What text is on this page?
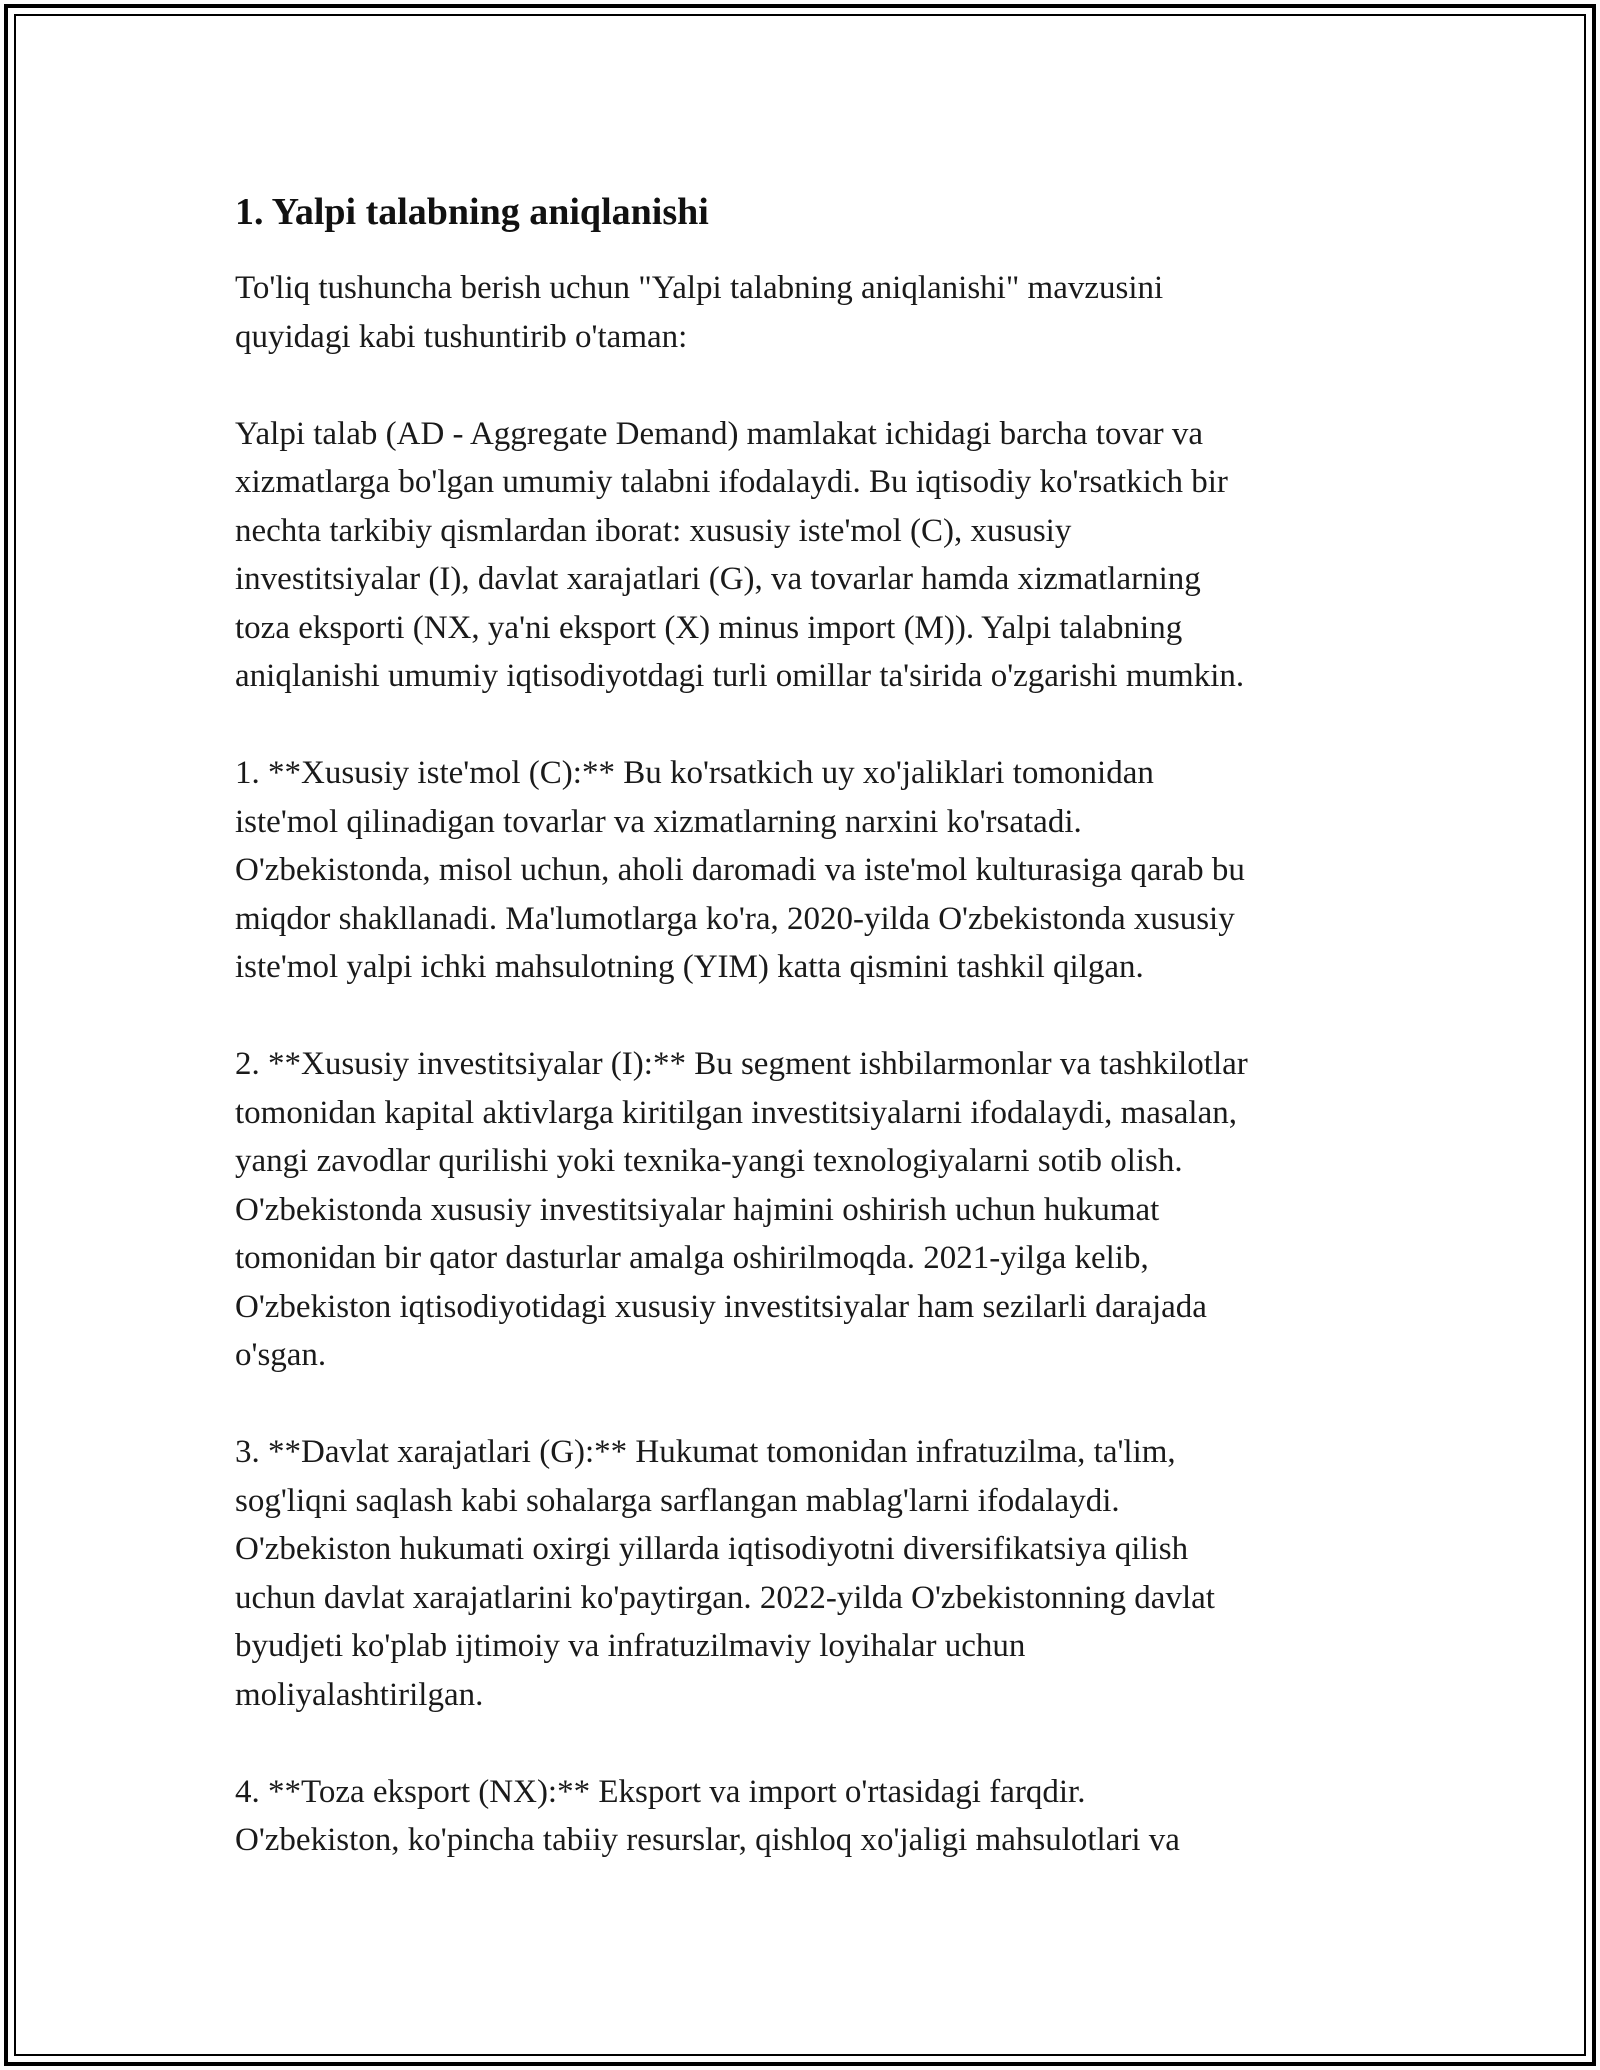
1. Yalpi talabning aniqlanishi

To'liq tushuncha berish uchun "Yalpi talabning aniqlanishi" mavzusini
quyidagi kabi tushuntirib o'taman:

Yalpi talab (AD - Aggregate Demand) mamlakat ichidagi barcha tovar va
xizmatlarga bo'lgan umumiy talabni ifodalaydi. Bu iqtisodiy ko'rsatkich bir
nechta tarkibiy qismlardan iborat: xususiy iste'mol (C), xususiy
investitsiyalar (I), davlat xarajatlari (G), va tovarlar hamda xizmatlarning
toza eksporti (NX, ya'ni eksport (X) minus import (M)). Yalpi talabning
aniqlanishi umumiy iqtisodiyotdagi turli omillar ta'sirida o'zgarishi mumkin.

1. **Xususiy iste'mol (C):** Bu ko'rsatkich uy xo'jaliklari tomonidan
iste'mol qilinadigan tovarlar va xizmatlarning narxini ko'rsatadi.
O'zbekistonda, misol uchun, aholi daromadi va iste'mol kulturasiga qarab bu
miqdor shakllanadi. Ma'lumotlarga ko'ra, 2020-yilda O'zbekistonda xususiy
iste'mol yalpi ichki mahsulotning (YIM) katta qismini tashkil qilgan.

2. **Xususiy investitsiyalar (I):** Bu segment ishbilarmonlar va tashkilotlar
tomonidan kapital aktivlarga kiritilgan investitsiyalarni ifodalaydi, masalan,
yangi zavodlar qurilishi yoki texnika-yangi texnologiyalarni sotib olish.
O'zbekistonda xususiy investitsiyalar hajmini oshirish uchun hukumat
tomonidan bir qator dasturlar amalga oshirilmoqda. 2021-yilga kelib,
O'zbekiston iqtisodiyotidagi xususiy investitsiyalar ham sezilarli darajada
o'sgan.

3. **Davlat xarajatlari (G):** Hukumat tomonidan infratuzilma, ta'lim,
sog'liqni saqlash kabi sohalarga sarflangan mablag'larni ifodalaydi.
O'zbekiston hukumati oxirgi yillarda iqtisodiyotni diversifikatsiya qilish
uchun davlat xarajatlarini ko'paytirgan. 2022-yilda O'zbekistonning davlat
byudjeti ko'plab ijtimoiy va infratuzilmaviy loyihalar uchun
moliyalashtirilgan.

4. **Toza eksport (NX):** Eksport va import o'rtasidagi farqdir.
O'zbekiston, ko'pincha tabiiy resurslar, qishloq xo'jaligi mahsulotlari va
